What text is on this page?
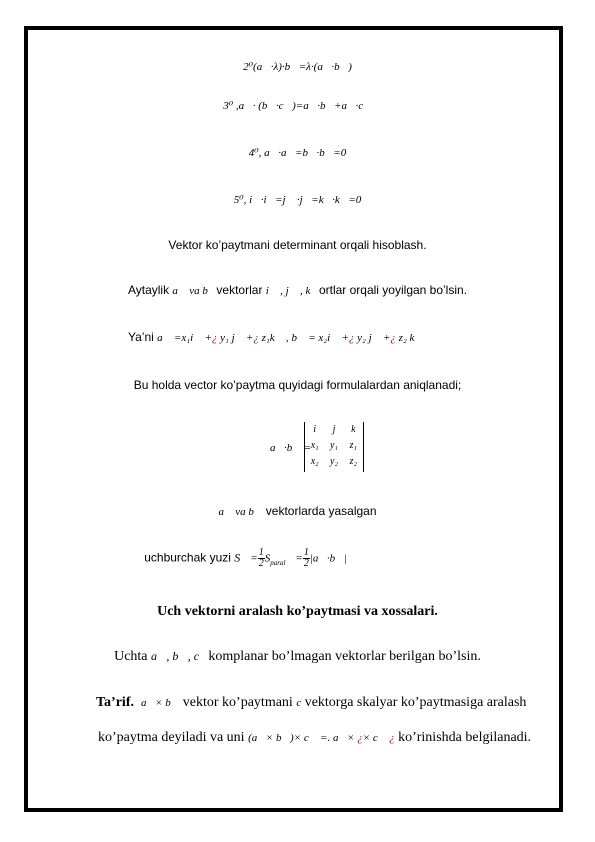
2⁰(a⃗·λ)·b⃗=λ·(a⃗·b⃗)
3⁰ ,a⃗· (b⃗·c⃗)=a⃗·b⃗+a⃗·c⃗
4⁰, a⃗·a⃗=b⃗·b⃗=0
5⁰, i⃗·i⃗=j⃗ ·j⃗=k⃗·k⃗=0
Vektor ko’paytmani determinant orqali hisoblash.
Aytaylik a⃗ va b⃗vektorlar i⃗ , j⃗ , k⃗ortlar orqali yoyilgan bo’lsin.
Ya’ni a⃗ =x₁i⃗ +¿ y₁ j⃗ +¿ z₁k⃗ , b⃗ = x₂i⃗ +¿ y₂ j⃗ +¿ z₂ k⃗
Bu holda vector ko’paytma quyidagi formulalardan aniqlanadi;
a⃗·b⃗ =
i	j	k
x₁	y₁	z₁
x₂	y₂	z₂
a⃗ va b⃗ vektorlarda yasalgan
uchburchak yuzi $S = \frac{1}{2} S_{paral} = \frac{1}{2}$ |a⃗·b⃗|
Uch vektorni aralash ko’paytmasi va xossalari.
Uchta a⃗, b⃗, c⃗komplanar bo’lmagan vektorlar berilgan bo’lsin.
Ta’rif. a⃗× b⃗ vektor ko’paytmani c vektorga skalyar ko’paytmasiga aralash
ko’paytma deyiladi va uni (a⃗× b⃗)× c⃗ =. a⃗× ¿× c⃗ ¿ ko’rinishda belgilanadi.
